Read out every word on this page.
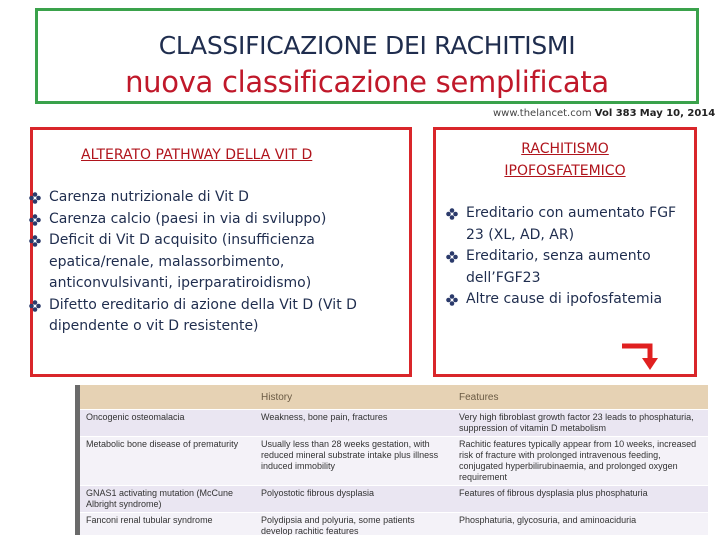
CLASSIFICAZIONE DEI RACHITISMI
nuova classificazione semplificata
www.thelancet.com Vol 383 May 10, 2014
ALTERATO PATHWAY DELLA VIT D
Carenza nutrizionale di Vit D
Carenza calcio (paesi in via di sviluppo)
Deficit di Vit D acquisito (insufficienza epatica/renale, malassorbimento, anticonvulsivanti, iperparatiroidismo)
Difetto ereditario di azione della Vit D (Vit D dipendente o vit D resistente)
RACHITISMO
IPOFOSFATEMICO
Ereditario con aumentato FGF 23 (XL, AD, AR)
Ereditario, senza aumento dell’FGF23
Altre cause di ipofosfatemia
	History	Features
Oncogenic osteomalacia	Weakness, bone pain, fractures	Very high fibroblast growth factor 23 leads to phosphaturia, suppression of vitamin D metabolism
Metabolic bone disease of prematurity	Usually less than 28 weeks gestation, with reduced mineral substrate intake plus illness induced immobility	Rachitic features typically appear from 10 weeks, increased risk of fracture with prolonged intravenous feeding, conjugated hyperbilirubinaemia, and prolonged oxygen requirement
GNAS1 activating mutation (McCune Albright syndrome)	Polyostotic fibrous dysplasia	Features of fibrous dysplasia plus phosphaturia
Fanconi renal tubular syndrome	Polydipsia and polyuria, some patients develop rachitic features	Phosphaturia, glycosuria, and aminoaciduria
